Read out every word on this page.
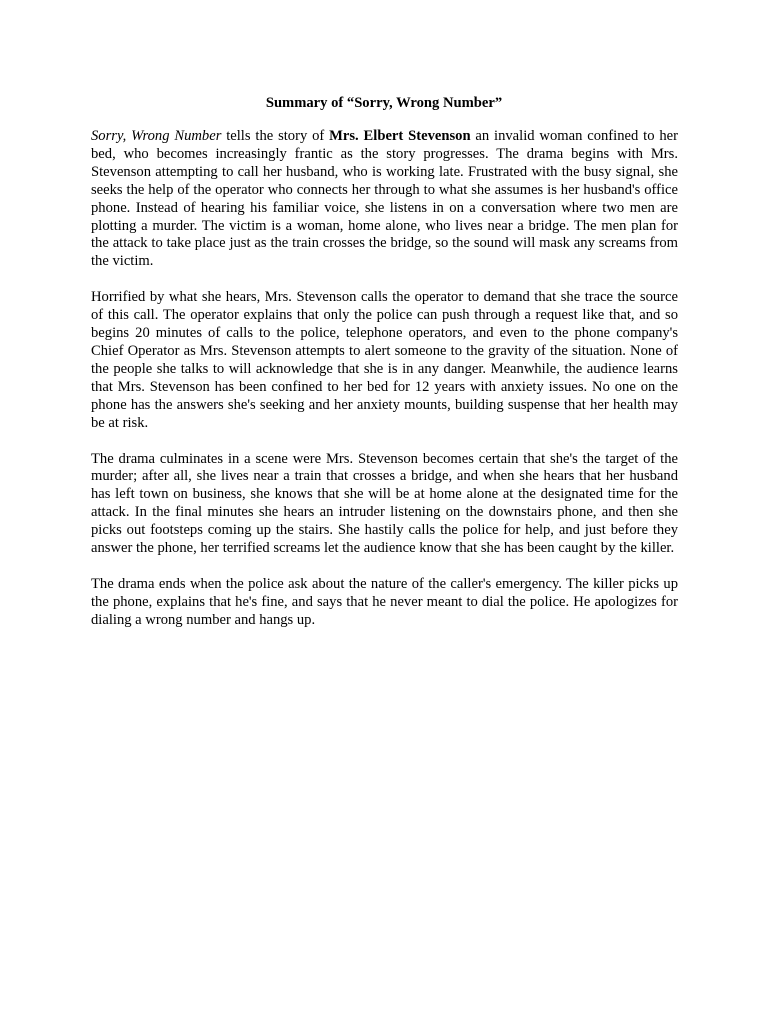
Summary of “Sorry, Wrong Number”

Sorry, Wrong Number tells the story of Mrs. Elbert Stevenson an invalid woman confined to her bed, who becomes increasingly frantic as the story progresses. The drama begins with Mrs. Stevenson attempting to call her husband, who is working late. Frustrated with the busy signal, she seeks the help of the operator who connects her through to what she assumes is her husband's office phone. Instead of hearing his familiar voice, she listens in on a conversation where two men are plotting a murder. The victim is a woman, home alone, who lives near a bridge. The men plan for the attack to take place just as the train crosses the bridge, so the sound will mask any screams from the victim.

Horrified by what she hears, Mrs. Stevenson calls the operator to demand that she trace the source of this call. The operator explains that only the police can push through a request like that, and so begins 20 minutes of calls to the police, telephone operators, and even to the phone company's Chief Operator as Mrs. Stevenson attempts to alert someone to the gravity of the situation. None of the people she talks to will acknowledge that she is in any danger. Meanwhile, the audience learns that Mrs. Stevenson has been confined to her bed for 12 years with anxiety issues. No one on the phone has the answers she's seeking and her anxiety mounts, building suspense that her health may be at risk.

The drama culminates in a scene were Mrs. Stevenson becomes certain that she's the target of the murder; after all, she lives near a train that crosses a bridge, and when she hears that her husband has left town on business, she knows that she will be at home alone at the designated time for the attack. In the final minutes she hears an intruder listening on the downstairs phone, and then she picks out footsteps coming up the stairs. She hastily calls the police for help, and just before they answer the phone, her terrified screams let the audience know that she has been caught by the killer.

The drama ends when the police ask about the nature of the caller's emergency. The killer picks up the phone, explains that he's fine, and says that he never meant to dial the police. He apologizes for dialing a wrong number and hangs up.
